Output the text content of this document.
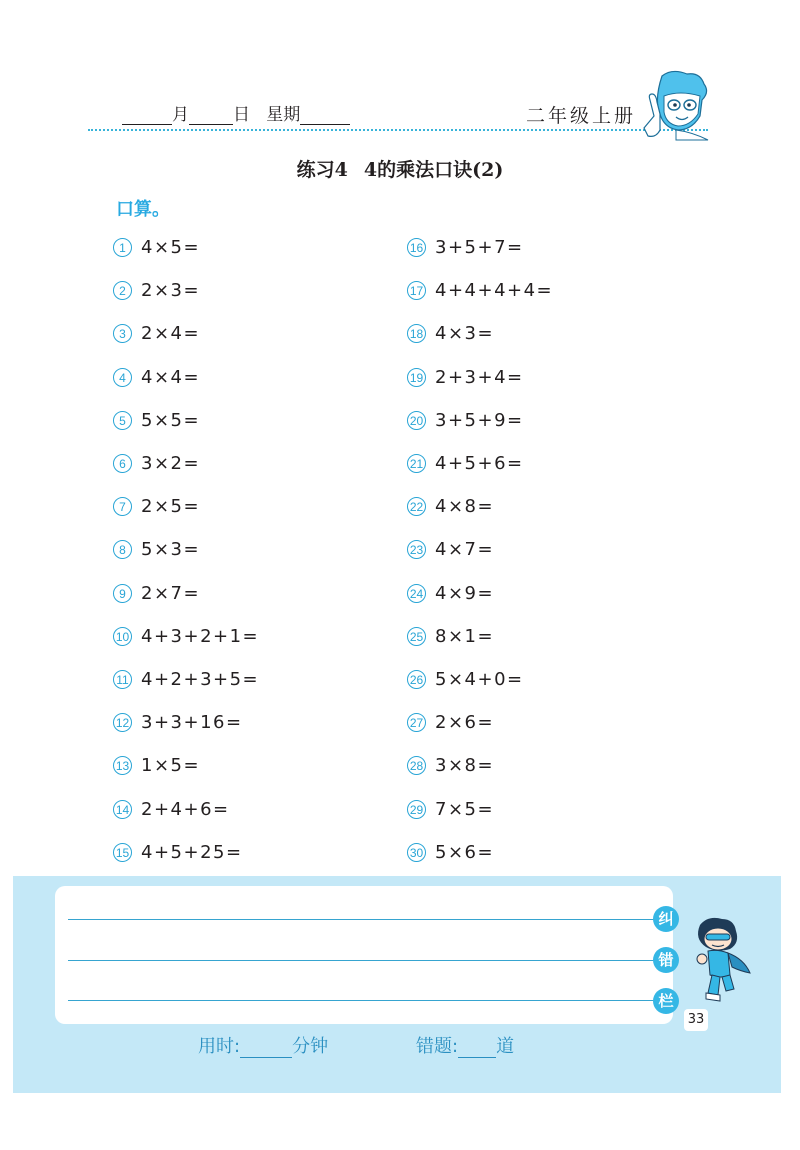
月	日 星期	二年级上册
练习4 4的乘法口诀(2)
口算。
1 4×5=
2 2×3=
3 2×4=
4 4×4=
5 5×5=
6 3×2=
7 2×5=
8 5×3=
9 2×7=
10 4+3+2+1=
11 4+2+3+5=
12 3+3+16=
13 1×5=
14 2+4+6=
15 4+5+25=
16 3+5+7=
17 4+4+4+4=
18 4×3=
19 2+3+4=
20 3+5+9=
21 4+5+6=
22 4×8=
23 4×7=
24 4×9=
25 8×1=
26 5×4+0=
27 2×6=
28 3×8=
29 7×5=
30 5×6=
纠
错
栏
33
用时:	分钟	错题: 道
